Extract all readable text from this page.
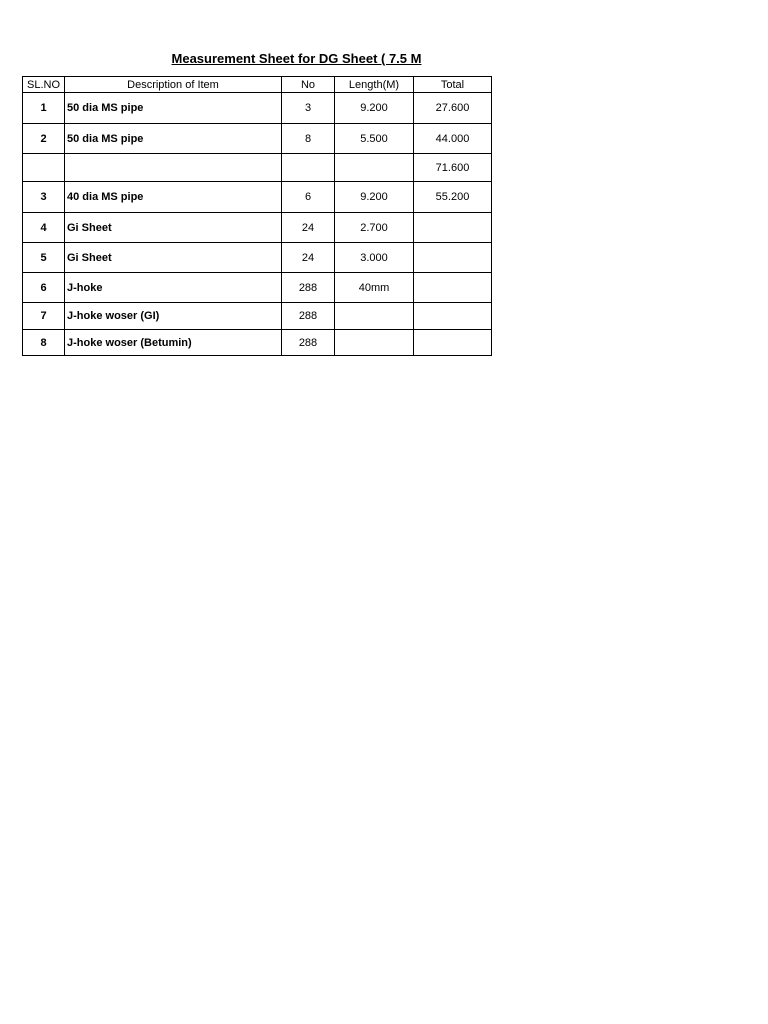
Measurement Sheet for DG Sheet ( 7.5 M
SL.NO	Description of Item	No	Length(M)	Total
1	50 dia MS pipe	3	9.200	27.600
2	50 dia MS pipe	8	5.500	44.000
				71.600
3	40 dia MS pipe	6	9.200	55.200
4	Gi Sheet	24	2.700	
5	Gi Sheet	24	3.000	
6	J-hoke	288	40mm	
7	J-hoke woser (GI)	288		
8	J-hoke woser (Betumin)	288		
